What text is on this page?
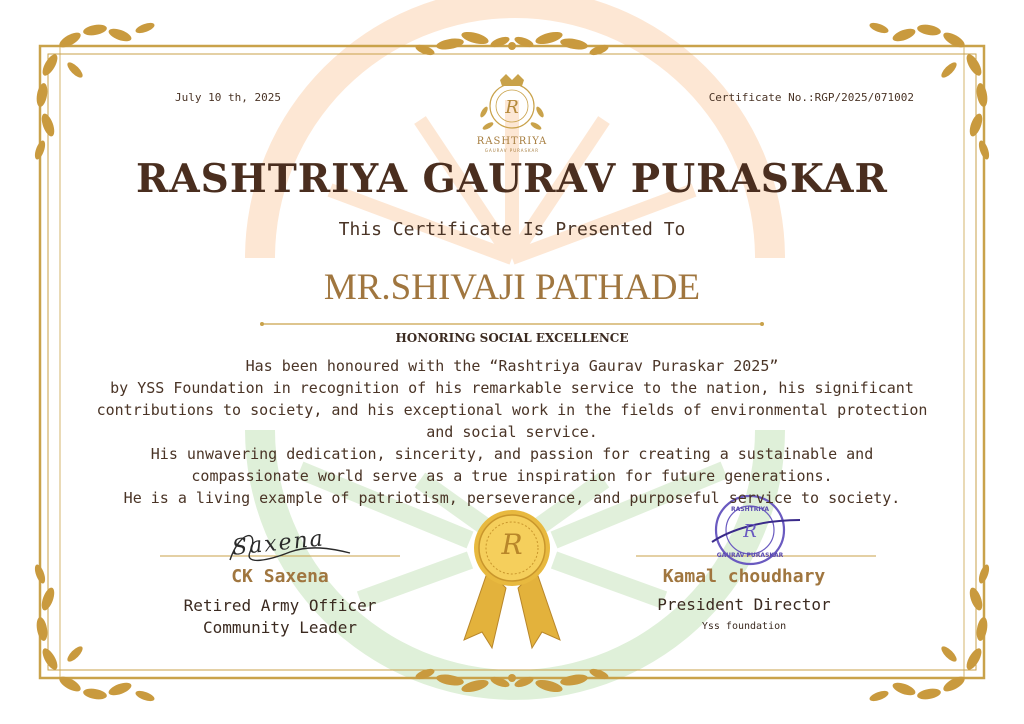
R
R
July 10 th, 2025	Certificate No.:RGP/2025/071002
RASHTRIYA
GAURAV PURASKAR
RASHTRIYA GAURAV PURASKAR
This Certificate Is Presented To
MR.SHIVAJI PATHADE
HONORING SOCIAL EXCELLENCE
Has been honoured with the “Rashtriya Gaurav Puraskar 2025”
by YSS Foundation in recognition of his remarkable service to the nation, his significant
contributions to society, and his exceptional work in the fields of environmental protection
and social service.
His unwavering dedication, sincerity, and passion for creating a sustainable and
compassionate world serve as a true inspiration for future generations.
He is a living example of patriotism, perseverance, and purposeful service to society.
Saxena
CK Saxena
Retired Army Officer
Community Leader
RASHTRIYA
GAURAV PURASKAR
R
Kamal choudhary
President Director
Yss foundation
